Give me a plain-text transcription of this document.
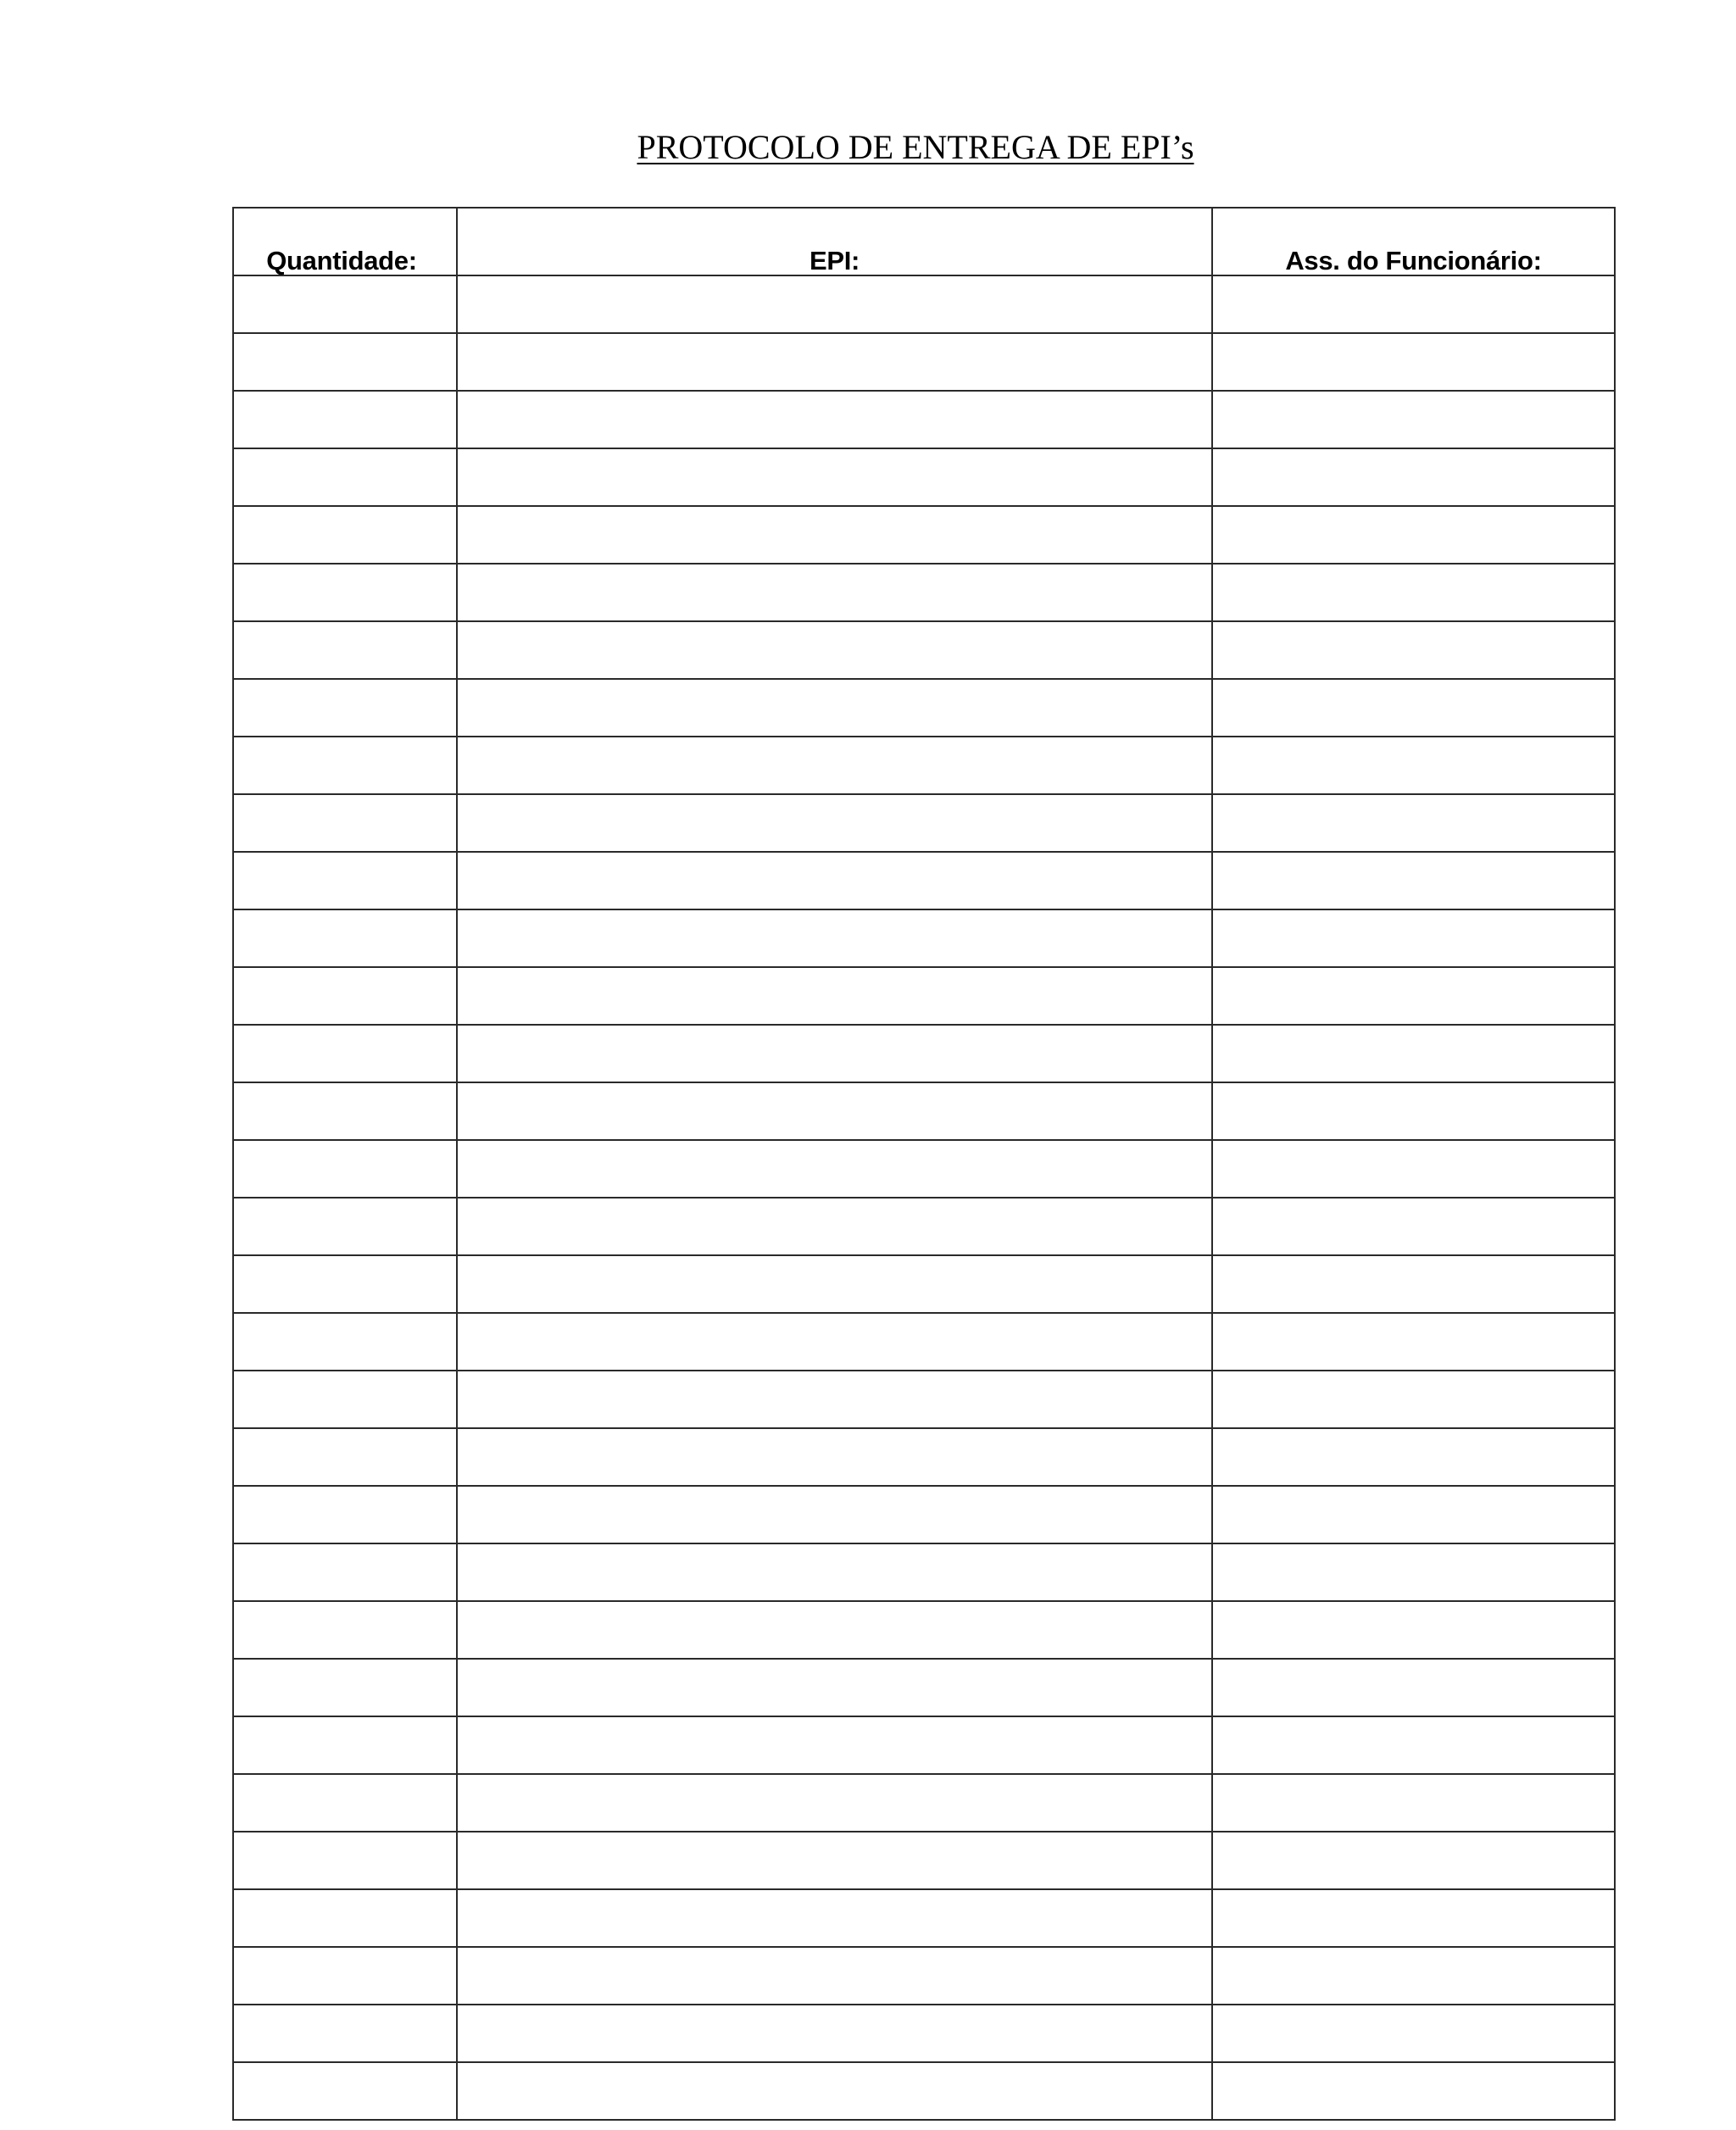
PROTOCOLO DE ENTREGA DE EPI’s
Quantidade:	EPI:	Ass. do Funcionário:
